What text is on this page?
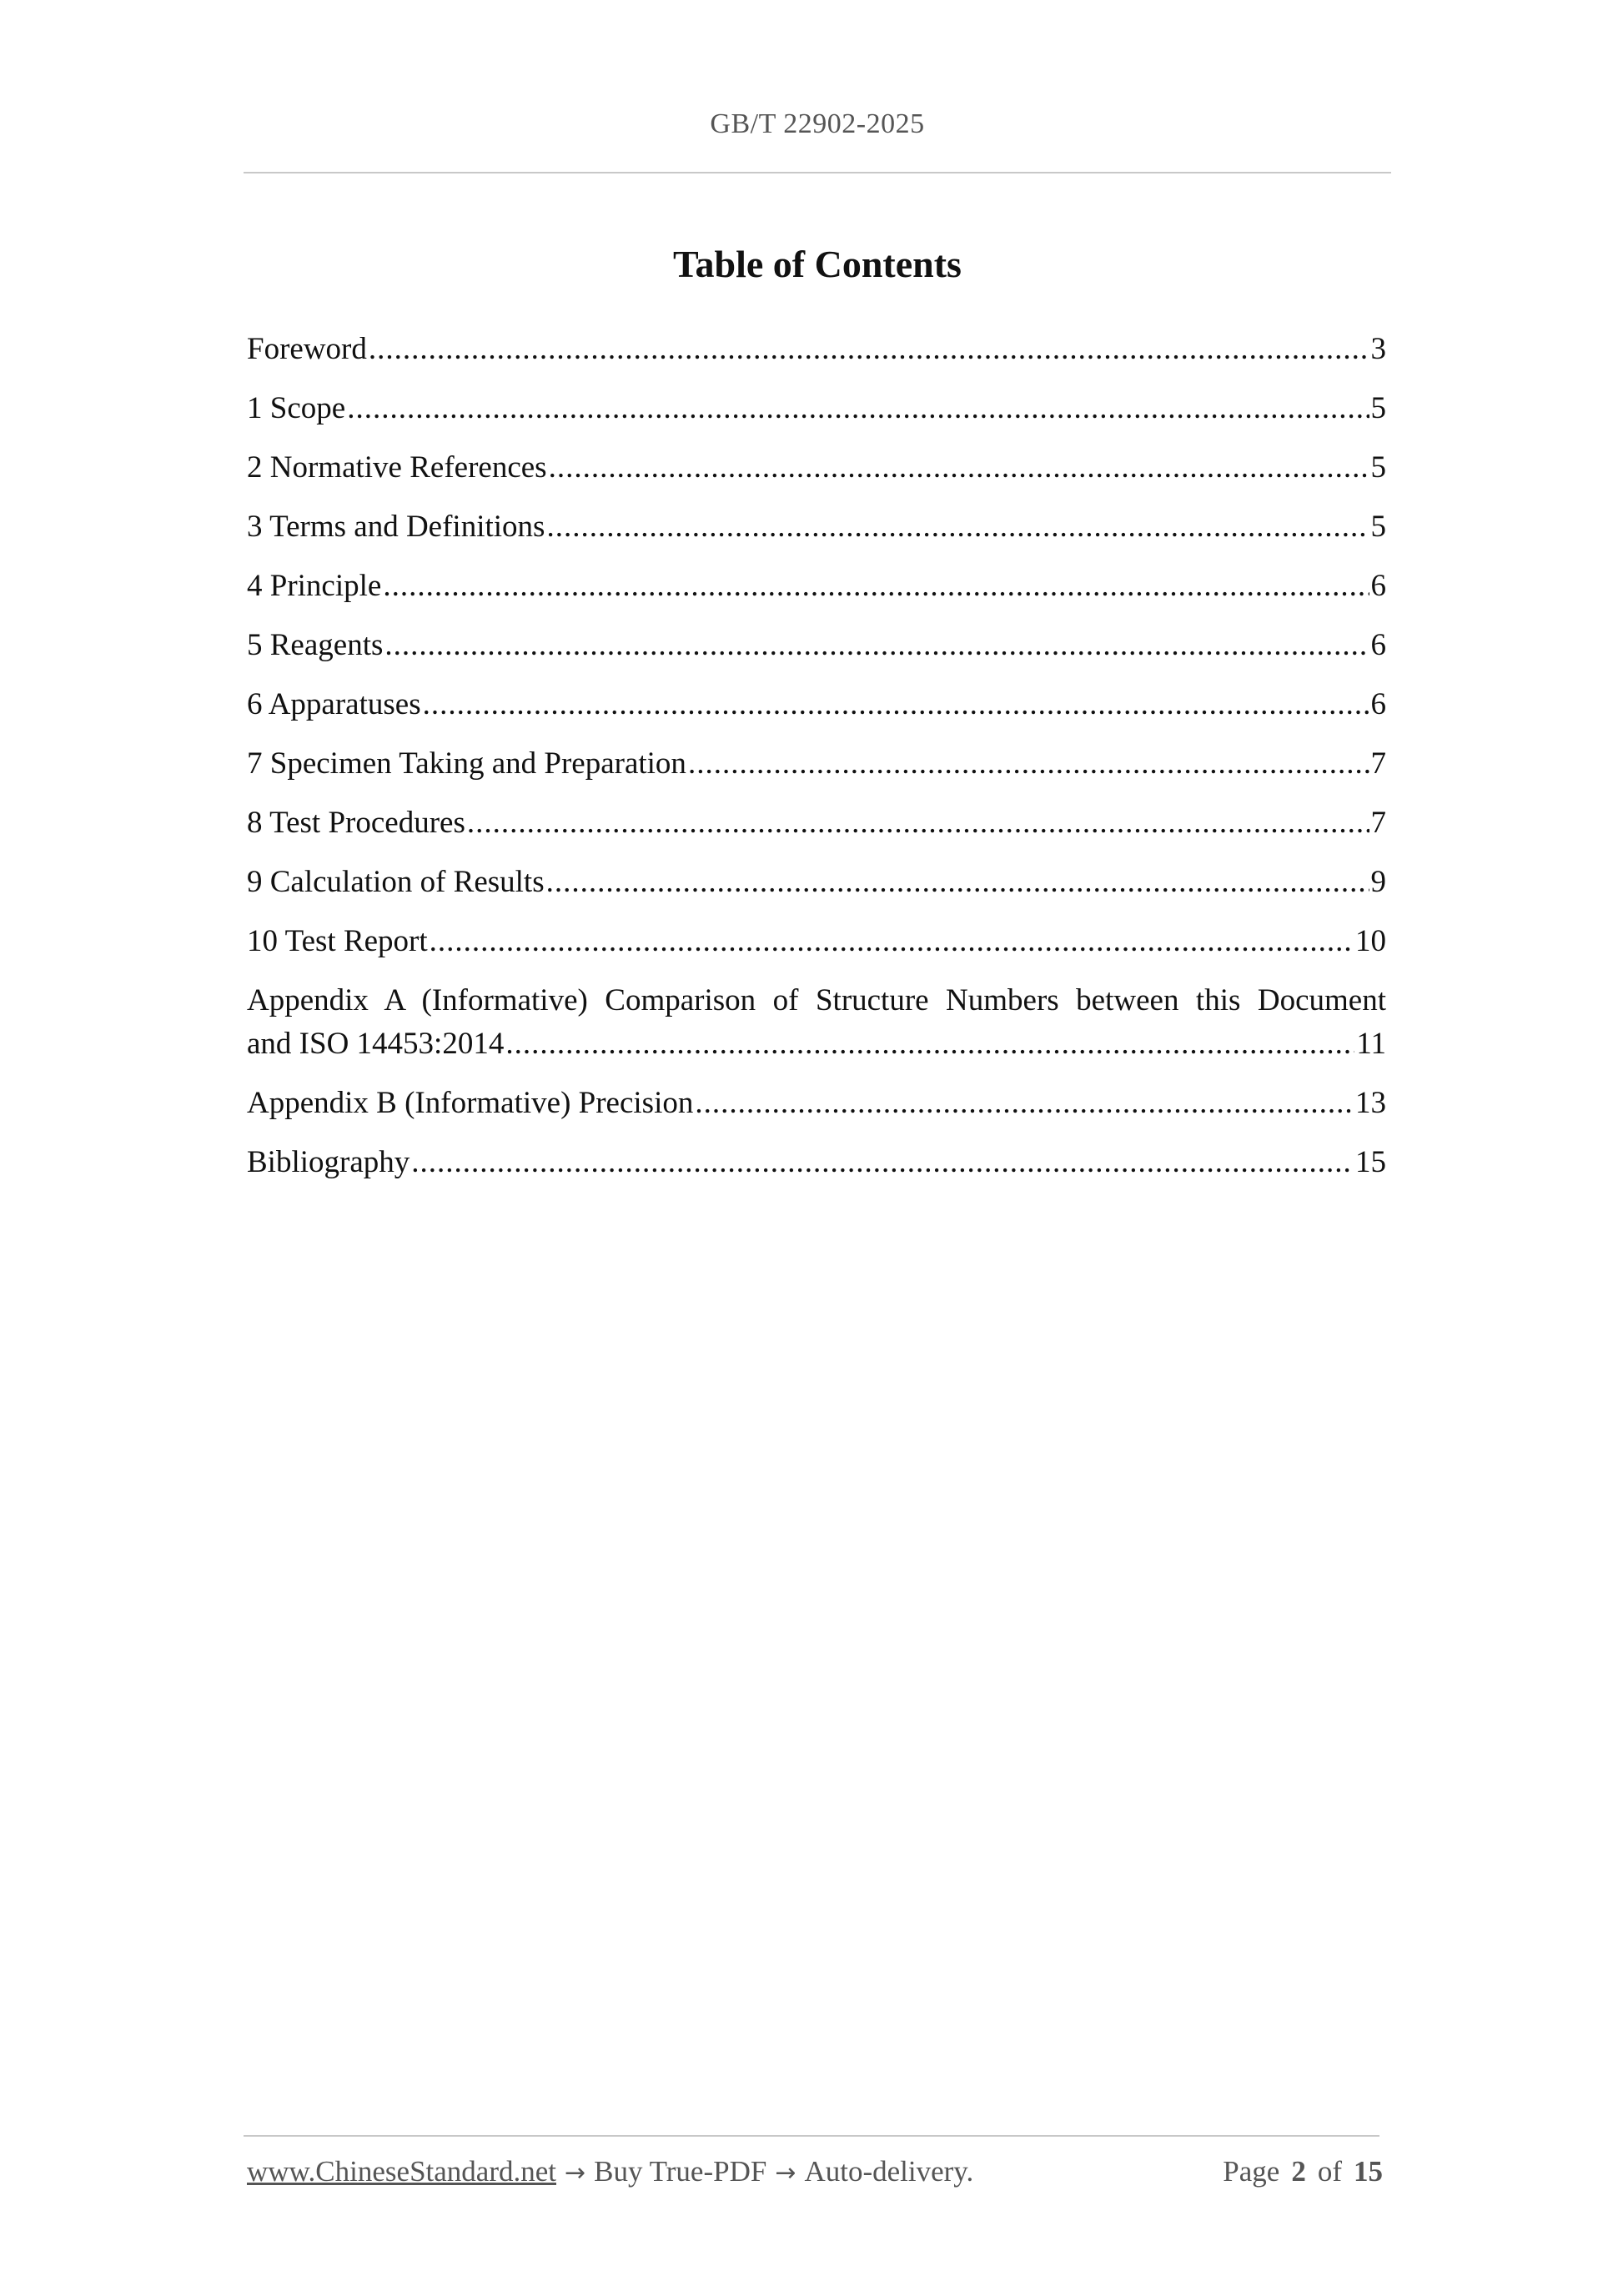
GB/T 22902-2025
Table of Contents
Foreword .....	3
1 Scope .....	5
2 Normative References .....	5
3 Terms and Definitions .....	5
4 Principle .....	6
5 Reagents .....	6
6 Apparatuses .....	6
7 Specimen Taking and Preparation .....	7
8 Test Procedures .....	7
9 Calculation of Results .....	9
10 Test Report .....	10
Appendix A (Informative) Comparison of Structure Numbers between this Document
and ISO 14453:2014 .....	11
Appendix B (Informative) Precision .....	13
Bibliography .....	15
www.ChineseStandard.net → Buy True-PDF → Auto-delivery.	Page 2 of 15
